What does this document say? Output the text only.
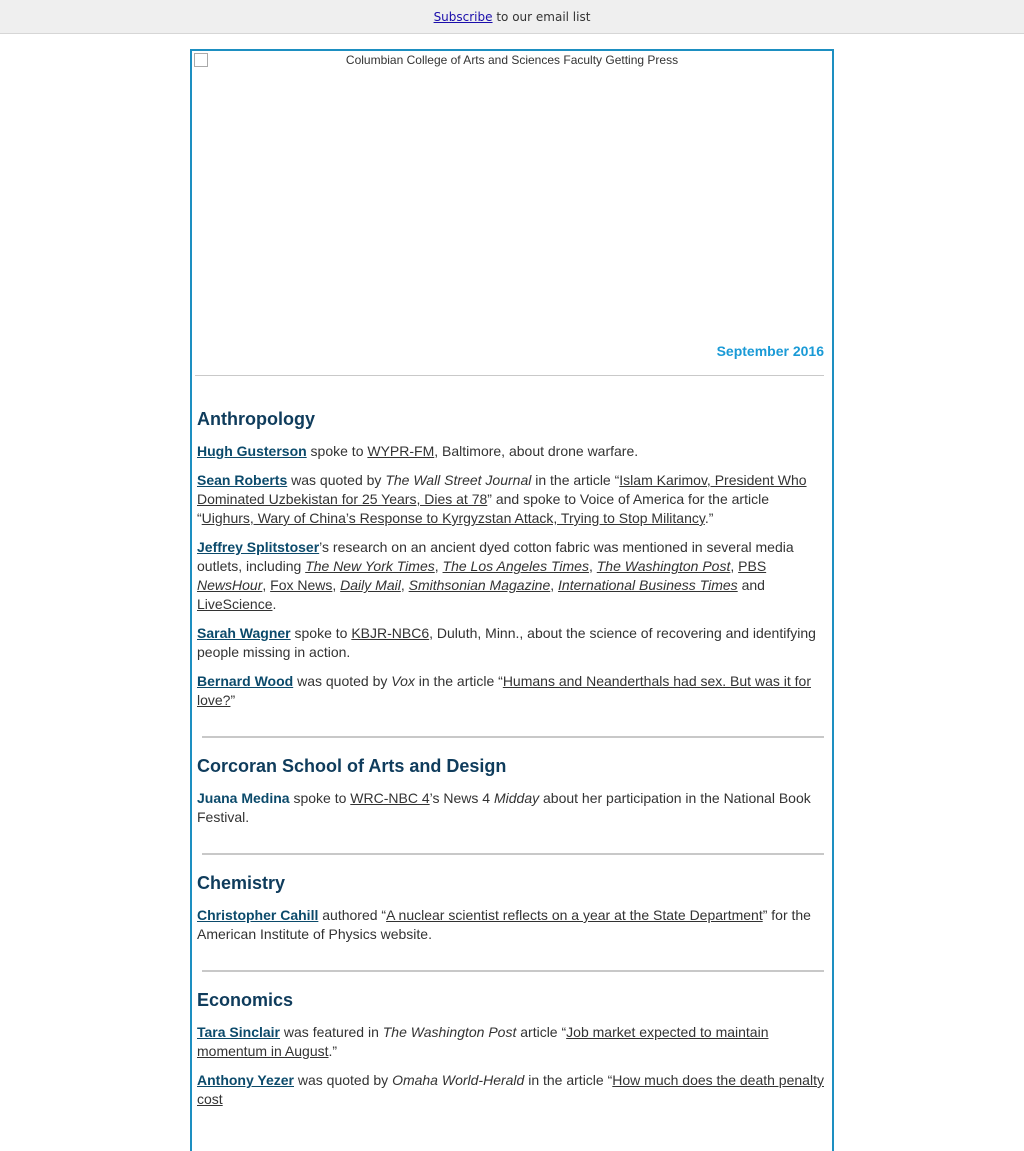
Subscribe to our email list
Columbian College of Arts and Sciences Faculty Getting Press
September 2016
Anthropology

Hugh Gusterson spoke to WYPR-FM, Baltimore, about drone warfare.

Sean Roberts was quoted by The Wall Street Journal in the article “Islam Karimov, President Who Dominated Uzbekistan for 25 Years, Dies at 78” and spoke to Voice of America for the article “Uighurs, Wary of China’s Response to Kyrgyzstan Attack, Trying to Stop Militancy.”

Jeffrey Splitstoser’s research on an ancient dyed cotton fabric was mentioned in several media outlets, including The New York Times, The Los Angeles Times, The Washington Post, PBS NewsHour, Fox News, Daily Mail, Smithsonian Magazine, International Business Times and LiveScience.

Sarah Wagner spoke to KBJR-NBC6, Duluth, Minn., about the science of recovering and identifying people missing in action.

Bernard Wood was quoted by Vox in the article “Humans and Neanderthals had sex. But was it for love?”

Corcoran School of Arts and Design

Juana Medina spoke to WRC-NBC 4’s News 4 Midday about her participation in the National Book Festival.

Chemistry

Christopher Cahill authored “A nuclear scientist reflects on a year at the State Department” for the American Institute of Physics website.

Economics

Tara Sinclair was featured in The Washington Post article “Job market expected to maintain momentum in August.”

Anthony Yezer was quoted by Omaha World-Herald in the article “How much does the death penalty cost
